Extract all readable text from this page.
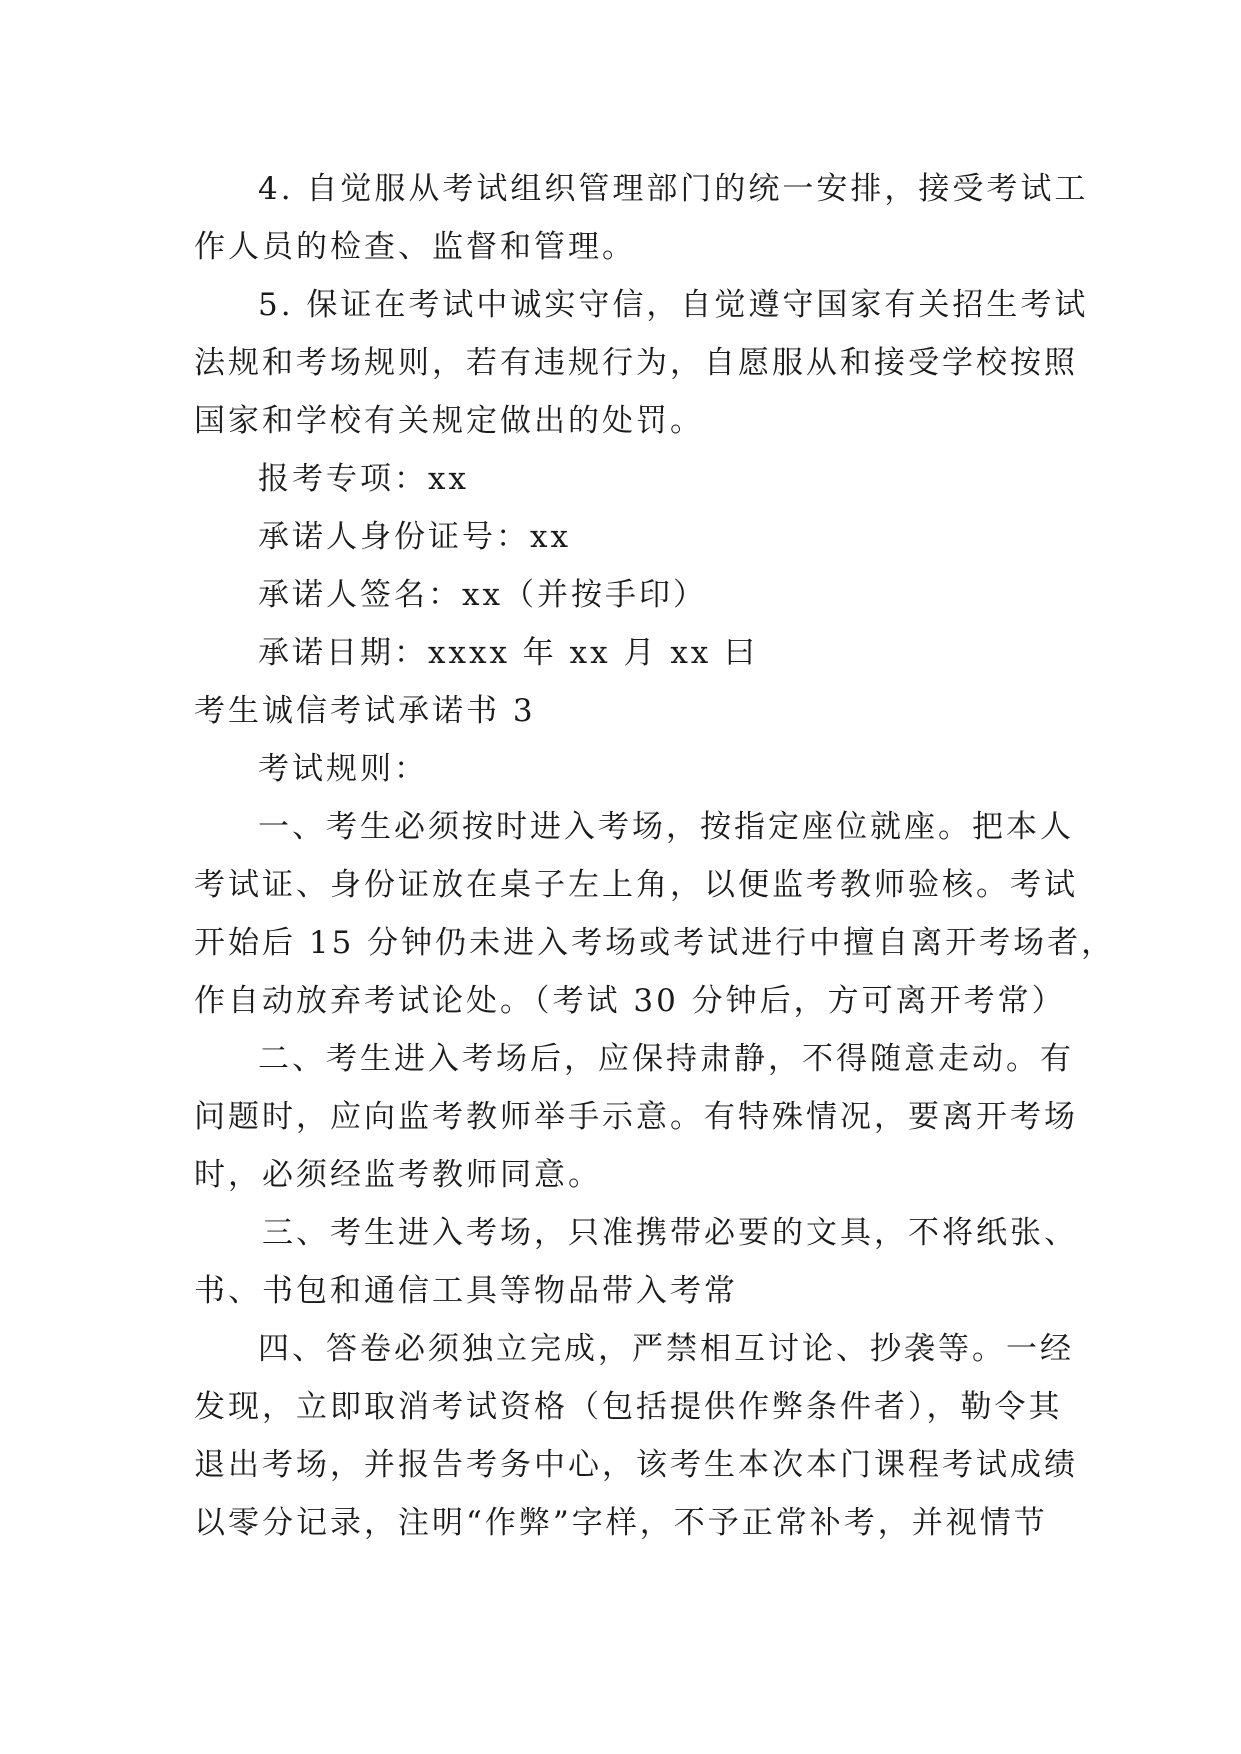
4. 自觉服从考试组织管理部门的统一安排，接受考试工
作人员的检查、监督和管理。
5. 保证在考试中诚实守信，自觉遵守国家有关招生考试
法规和考场规则，若有违规行为，自愿服从和接受学校按照
国家和学校有关规定做出的处罚。
报考专项：xx
承诺人身份证号：xx
承诺人签名：xx（并按手印）
承诺日期：xxxx 年 xx 月 xx 曰
考生诚信考试承诺书 3
考试规则：
一、考生必须按时进入考场，按指定座位就座。把本人
考试证、身份证放在桌子左上角，以便监考教师验核。考试
开始后 15 分钟仍未进入考场或考试进行中擅自离开考场者，
作自动放弃考试论处。（考试 30 分钟后，方可离开考常）
二、考生进入考场后，应保持肃静，不得随意走动。有
问题时，应向监考教师举手示意。有特殊情况，要离开考场
时，必须经监考教师同意。
三、考生进入考场，只准携带必要的文具，不将纸张、
书、书包和通信工具等物品带入考常
四、答卷必须独立完成，严禁相互讨论、抄袭等。一经
发现，立即取消考试资格（包括提供作弊条件者），勒令其
退出考场，并报告考务中心，该考生本次本门课程考试成绩
以零分记录，注明“作弊”字样，不予正常补考，并视情节
